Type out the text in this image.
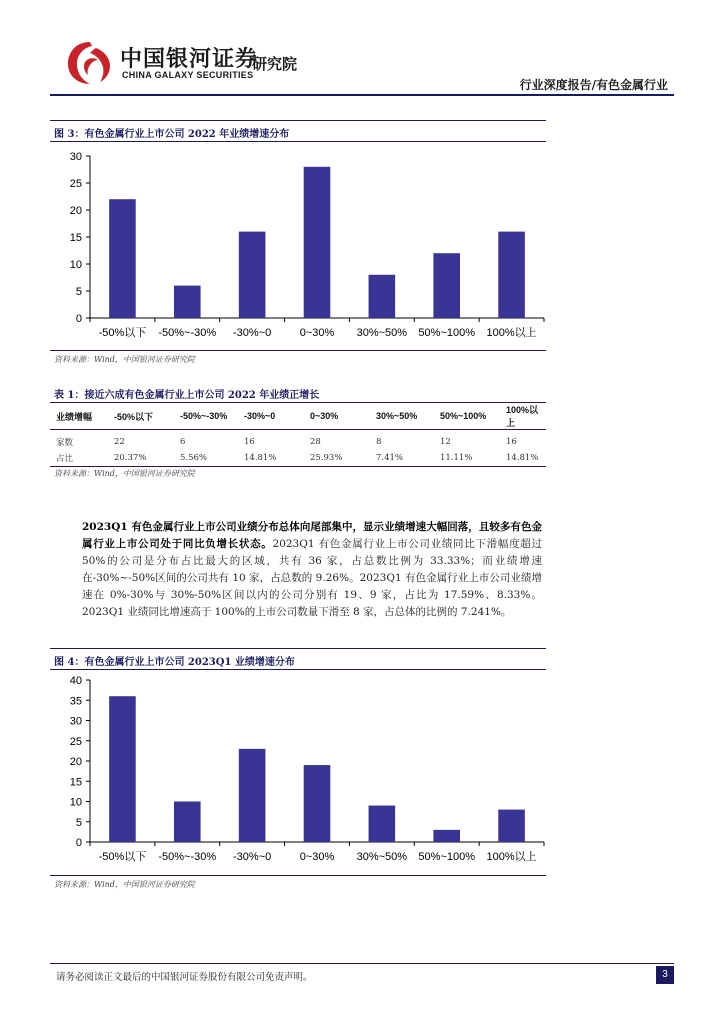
中国银河证券
CHINA GALAXY SECURITIES
研究院
行业深度报告/有色金属行业
图 3：有色金属行业上市公司 2022 年业绩增速分布
0
5
10
15
20
25
30
-50%以下 -50%~-30% -30%~0	0~30% 30%~50% 50%~100% 100%以上
资料来源：Wind，中国银河证券研究院
表 1：接近六成有色金属行业上市公司 2022 年业绩正增长
业绩增幅	-50%以下	-50%~-30%	-30%~0	0~30%	30%~50%	50%~100%	100%以上
家数	22	6	16	28	8	12	16
占比	20.37%	5.56%	14.81%	25.93%	7.41%	11.11%	14.81%
资料来源：Wind，中国银河证券研究院
2023Q1 有色金属行业上市公司业绩分布总体向尾部集中，显示业绩增速大幅回落，且较多有色金属行业上市公司处于同比负增长状态。2023Q1 有色金属行业上市公司业绩同比下滑幅度超过 50%的公司是分布占比最大的区域，共有 36 家，占总数比例为 33.33%；而业绩增速在-30%~-50%区间的公司共有 10 家，占总数的 9.26%。2023Q1 有色金属行业上市公司业绩增速在 0%-30%与 30%-50%区间以内的公司分别有 19、9 家，占比为 17.59%、8.33%。2023Q1 业绩同比增速高于 100%的上市公司数量下滑至 8 家，占总体的比例的 7.241%。
图 4：有色金属行业上市公司 2023Q1 业绩增速分布
0
5
10
15
20
25
30
35
40
-50%以下 -50%~-30% -30%~0	0~30% 30%~50% 50%~100% 100%以上
资料来源：Wind，中国银河证券研究院
请务必阅读正文最后的中国银河证券股份有限公司免责声明。	3
